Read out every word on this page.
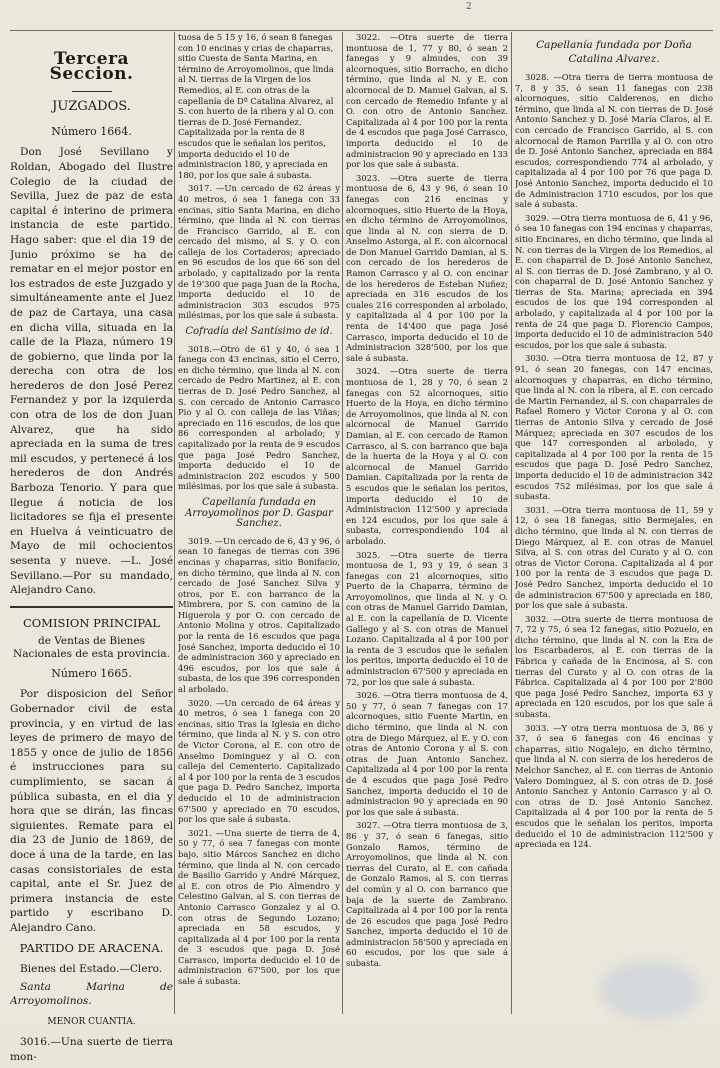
2
Tercera Seccion.
JUZGADOS.
Número 1664.

Don José Sevillano y Roldan, Abogado del Ilustre Colegio de la ciudad de Sevilla, Juez de paz de esta capital é interino de primera instancia de este partido. Hago saber: que el dia 19 de Junio próximo se ha de rematar en el mejor postor en los estrados de este Juzgado y simultáneamente ante el Juez de paz de Cartaya, una casa en dicha villa, situada en la calle de la Plaza, número 19 de gobierno, que linda por la derecha con otra de los herederos de don José Perez Fernandez y por la izquierda con otra de los de don Juan Alvarez, que ha sido apreciada en la suma de tres mil escudos, y pertenecé á los herederos de don Andrés Barboza Tenorio. Y para que llegue á noticia de los licitadores se fija el presente en Huelva á veinticuatro de Mayo de mil ochocientos sesenta y nueve. —L. José Sevillano.—Por su mandado, Alejandro Cano.

COMISION PRINCIPAL
de Ventas de Bienes Nacionales de esta provincia.
Número 1665.

Por disposicion del Señor Gobernador civil de esta provincia, y en virtud de las leyes de primero de mayo de 1855 y once de julio de 1856 é instrucciones para su cumplimiento, se sacan á pública subasta, en el dia y hora que se dirán, las fincas siguientes. Remate para el dia 23 de Junio de 1869, de doce á una de la tarde, en las casas consistoriales de esta capital, ante el Sr. Juez de primera instancia de este partido y escribano D. Alejandro Cano.

PARTIDO DE ARACENA.

Bienes del Estado.—Clero.

Santa Marina de Arroyomolinos.

MENOR CUANTIA.

3016.—Una suerte de tierra mon-

tuosa de 5 15 y 16, ó sean 8 fanegas con 10 encinas y crias de chaparras, sitio Cuesta de Santa Marina, en término de Arroyomolinos, que linda al N. tierras de la Virgen de los Remedios, al E. con otras de la capellanía de Dª Catalina Alvarez, al S. con huerto de la ribera y al O. con tierras de D. José Fernandez. Capitalizada por la renta de 8 escudos que le señalan los peritos, importa deducido el 10 de administracion 180, y apreciada en 180, por los que sale á subasta.

3017. —Un cercado de 62 áreas y 40 metros, ó sea 1 fanega con 33 encinas, sitio Santa Marina, en dicho término, que linda al N. con tierras de Francisco Garrido, al E. con cercado del mismo, al S. y O. con calleja de los Cortaderos; apreciado en 96 escudos de los que 66 son del arbolado, y capitalizado por la renta de 19'300 que paga Juan de la Rocha, importa deducido el 10 de administracion 303 escudos 975 milésimas, por los que sale á subasta.

Cofradía del Santísimo de id.

3018.—Otro de 61 y 40, ó sea 1 fanega con 43 encinas, sitio el Cerro, en dicho término, que linda al N. con cercado de Pedro Martinez, al E. con tierras de D. José Pedro Sanchez, al S. con cercado de Antonio Carrasco Pio y al O. con calleja de las Viñas; apreciado en 116 escudos, de los que 86 corresponden al arbolado; y capitalizado por la renta de 9 escudos que paga José Pedro Sanchez, importa deducido el 10 de administracion 202 escudos y 500 milésimas, por los que sale á subasta.

Capellanía fundada en Arroyomolinos por D. Gaspar Sanchez.

3019. —Un cercado de 6, 43 y 96, ó sean 10 fanegas de tierras con 396 encinas y chaparras, sitio Bonifacio, en dicho término, que linda al N. con cercado de José Sanchez Silva y otros, por E. con barranco de la Mimbrera, por S. con camino de la Higuerola y por O. con cercado de Antonio Molina y otros. Capitalizado por la renta de 16 escudos que paga José Sanchez, importa deducido el 10 de administracion 360 y apreciado en 496 escudos, por los que sale á subasta, de los que 396 corresponden al arbolado.

3020. —Un cercado de 64 áreas y 40 metros, ó sea 1 fanega con 20 encinas, sitio Tras la Iglesia en dicho término, que linda al N. y S. con otro de Victor Corona, al E. con otro de Anselmo Dominguez y al O. con calleja del Cementerio. Capitalizado al 4 por 100 por la renta de 3 escudos que paga D. Pedro Sanchez, importa deducido el 10 de administracion 67'500 y apreciado en 70 escudos, por los que sale á subasta.

3021. —Una suerte de tierra de 4, 50 y 77, ó sea 7 fanegas con monte bajo, sitio Márcos Sanchez en dicho término, que linda al N. con cercado de Basilio Garrido y André Márquez, al E. con otros de Pio Almendro y Celestino Galvan, al S. con tierras de Antonio Carrasco Gonzalez y al O. con otras de Segundo Lozano; apreciada en 58 escudos, y capitalizada al 4 por 100 por la renta de 3 escudos que paga D. José Carrasco, importa deducido el 10 de administracion 67'500, por los que sale á subasta.

3022. —Otra suerte de tierra montuosa de 1, 77 y 80, ó sean 2 fanegas y 9 almudes, con 39 alcornoques, sitio Borracho, en dicho término, que linda al N. y E. con alcornocal de D. Manuel Galvan, al S. con cercado de Remedio Infante y al O. con otro de Antonio Sanchez. Capitalizada al 4 por 100 por la renta de 4 escudos que paga José Carrasco, importa deducido el 10 de administracion 90 y apreciado en 133 por los que sale á subasta.

3023. —Otra suerte de tierra montuosa de 6, 43 y 96, ó sean 10 fanegas con 216 encinas y alcornoques, sitio Huerto de la Hoya, en dicho término de Arroyomolinos, que linda al N. con sierra de D. Anselmo Astorga, al E. con alcornocal de Don Manuel Garrido Damian, al S. con cercado de los herederos de Ramon Carrasco y al O. con encinar de los herederos de Esteban Nuñez; apreciada en 316 escudos de los cuales 216 corresponden al arbolado, y capitalizada al 4 por 100 por la renta de 14'400 que paga José Carrasco, importa deducido el 10 de Administracion 328'500, por los que sale á subasta.

3024. —Otra suerte de tierra montuosa de 1, 28 y 70, ó sean 2 fanegas con 52 alcornoques, sitio Huerto de la Hoya, en dicho término de Arroyomolinos, que linda al N. con alcornocal de Manuel Garrido Damian, al E. con cercado de Ramon Carrasco, al S. con barranco que baja de la huerta de la Hoya y al O. con alcornocal de Manuel Garrido Damian. Capitalizada por la renta de 5 escudos que le señalan los peritos, importa deducido el 10 de Administracion 112'500 y apreciada en 124 escudos, por los que sale á subasta, correspondiendo 104 al arbolado.

3025. —Otra suerte de tierra montuosa de 1, 93 y 19, ó sean 3 fanegas con 21 alcornoques, sitio Puerto de la Chaparra, término de Arroyomolinos, que linda al N. y O. con otras de Manuel Garrido Damian, al E. con la capellanía de D. Vicente Gallego y al S. con otras de Manuel Lozano. Capitalizada al 4 por 100 por la renta de 3 escudos que le señalen los peritos, importa deducido el 10 de administracion 67'500 y apreciada en 72, por los que sale á subasta.

3026. —Otra tierra montuosa de 4, 50 y 77, ó sean 7 fanegas con 17 alcornoques, sitio Fuente Martin, en dicho término, que linda al N. con otra de Diego Márquez, al E. y O. con otras de Antonio Corona y al S. con otras de Juan Antonio Sanchez. Capitalizada al 4 por 100 por la renta de 4 escudos que paga José Pedro Sanchez, importa deducido el 10 de administracion 90 y apreciada en 90 por los que sale á subasta.

3027. —Otra tierra montuosa de 3, 86 y 37, ó sean 6 fanegas, sitio Gonzalo Ramos, término de Arroyomolinos, que linda al N. con tierras del Curato, al E. con cañada de Gonzalo Ramos, al S. con tierras del común y al O. con barranco que baja de la suerte de Zambrano. Capitalizada al 4 por 100 por la renta de 26 escudos que paga José Pedro Sanchez, importa deducido el 10 de administracion 58'500 y apreciada en 60 escudos, por los que sale á subasta.

Capellanía fundada por Doña Catalina Alvarez.

3028. —Otra tierra de tierra montuosa de 7, 8 y 35, ó sean 11 fanegas con 238 alcornoques, sitio Calderenos, en dicho término, que linda al N. con tierras de D. José Antonio Sanchez y D. José María Claros, al E. con cercado de Francisco Garrido, al S. con alcornocal de Ramon Parrilla y al O. con otro de D. José Antonio Sanchez, apreciada en 884 escudos, correspondiendo 774 al arbolado, y capitalizada al 4 por 100 por 76 que paga D. José Antonio Sanchez, importa deducido el 10 de Administracion 1710 escudos, por los que sale á subasta.

3029. —Otra tierra montuosa de 6, 41 y 96, ó sea 10 fanegas con 194 encinas y chaparras, sitio Encinares, en dicho término, que linda al N. con tierras de la Virgen de los Remedios, al E. con chaparral de D. José Antonio Sanchez, al S. con tierras de D. José Zambrano, y al O. con chaparral de D. José Antonio Sanchez y tierras de Sta. Marina; apreciada en 394 escudos de los que 194 corresponden al arbolado, y capitalizada al 4 por 100 por la renta de 24 que paga D. Florencio Campos, importa deducido el 10 de administracion 540 escudos, por los que sale á subasta.

3030. —Otra tierra montuosa de 12, 87 y 91, ó sean 20 fanegas, con 147 encinas, alcornoques y chaparras, en dicho término, que linda al N. con la ribera, al E. con cercado de Martin Fernandez, al S. con chaparrales de Rafael Romero y Victor Corona y al O. con tierras de Antonio Silva y cercado de José Márquez; apreciada en 307 escudos de los que 147 corresponden al arbolado, y capitalizada al 4 por 100 por la renta de 15 escudos que paga D. José Pedro Sanchez, importa deducido el 10 de administracion 342 escudos 752 milésimas, por los que sale á subasta.

3031. —Otra tierra montuosa de 11, 59 y 12, ó sea 18 fanegas, sitio Bermejales, en dicho término, que linda al N. con tierras de Diego Márquez, al E. con otras de Manuel Silva, al S. con otras del Curato y al O. con otras de Victor Corona. Capitalizada al 4 por 100 por la renta de 3 escudos que paga D. José Pedro Sanchez, importa deducido el 10 de administracion 67'500 y apreciada en 180, por los que sale á subasta.

3032. —Otra suerte de tierra montuosa de 7, 72 y 75, ó sea 12 fanegas, sitio Pozuelo, en dicho término, que linda al N. con la Era de los Escarbaderos, al E. con tierras de la Fábrica y cañada de la Encinosa, al S. con tierras del Curato y al O. con otras de la Fábrica. Capitalizada al 4 por 100 por 2'800 que paga José Pedro Sanchez, importa 63 y apreciada en 120 escudos, por los que sale á subasta.

3033. —Y otra tierra montuosa de 3, 86 y 37, ó sea 6 fanegas con 46 encinas y chaparras, sitio Nogalejo, en dicho término, que linda al N. con sierra de los herederos de Melchor Sanchez, al E. con tierras de Antonio Valero Dominguez, al S. con otras de D. José Antonio Sanchez y Antonio Carrasco y al O. con otras de D. José Antonio Sanchez. Capitalizada al 4 por 100 por la renta de 5 escudos que le señalan los peritos, importa deducido el 10 de administracion 112'500 y apreciada en 124.
